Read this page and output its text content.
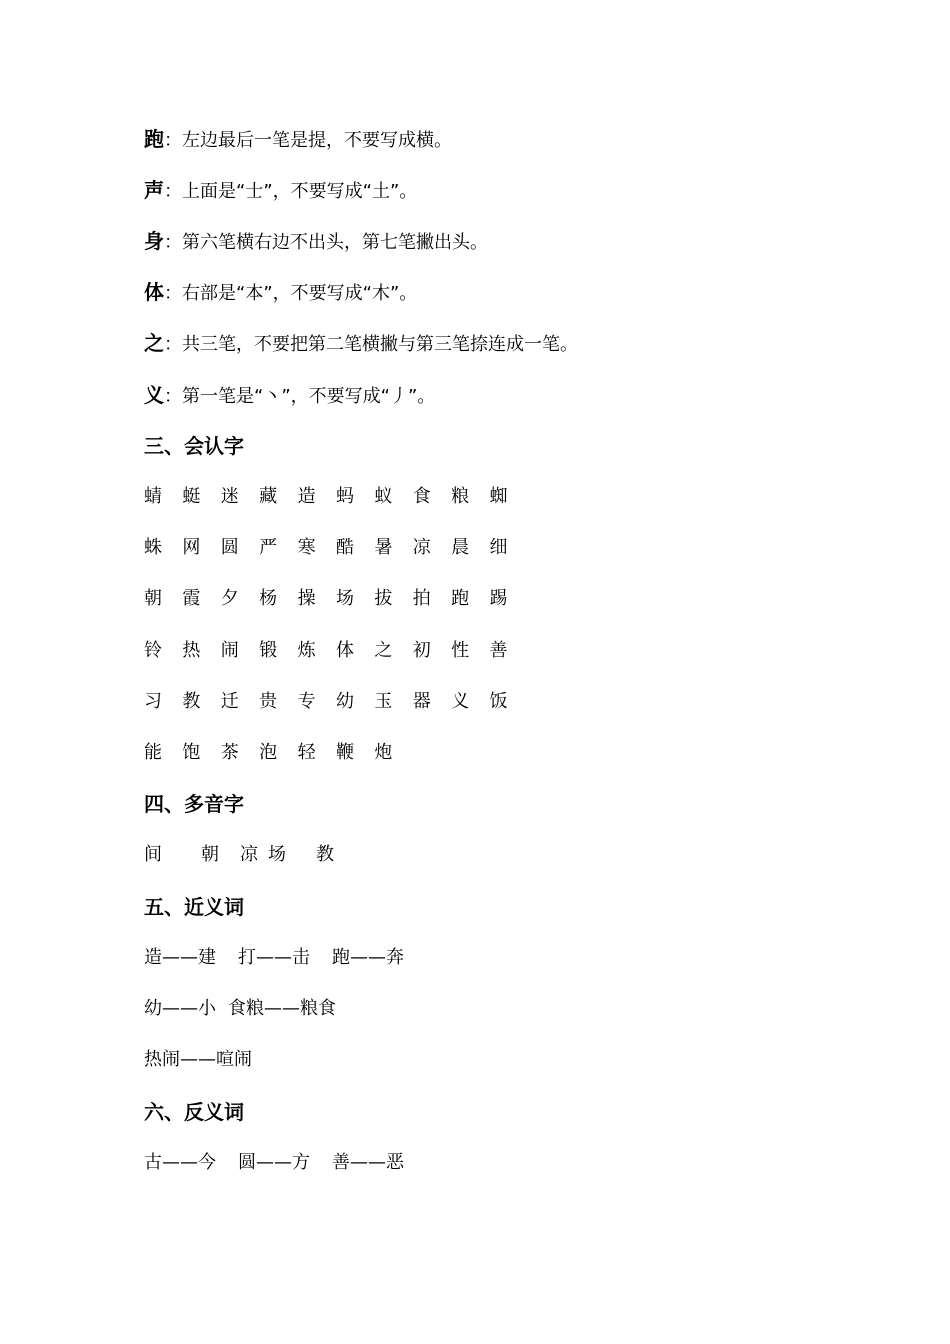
跑：左边最后一笔是提，不要写成横。
声：上面是“士”，不要写成“土”。
身：第六笔横右边不出头，第七笔撇出头。
体：右部是“本”，不要写成“木”。
之：共三笔，不要把第二笔横撇与第三笔捺连成一笔。
义：第一笔是“丶”，不要写成“丿”。
三、会认字
蜻	蜓	迷	藏	造	蚂	蚁	食	粮	蜘
蛛	网	圆	严	寒	酷	暑	凉	晨	细
朝	霞	夕	杨	操	场	拔	拍	跑	踢
铃	热	闹	锻	炼	体	之	初	性	善
习	教	迁	贵	专	幼	玉	器	义	饭
能	饱	茶	泡	轻	鞭	炮
四、多音字
间 朝 凉 场 教
五、近义词
造——建 打——击 跑——奔
幼——小 食粮——粮食
热闹——喧闹
六、反义词
古——今 圆——方 善——恶
